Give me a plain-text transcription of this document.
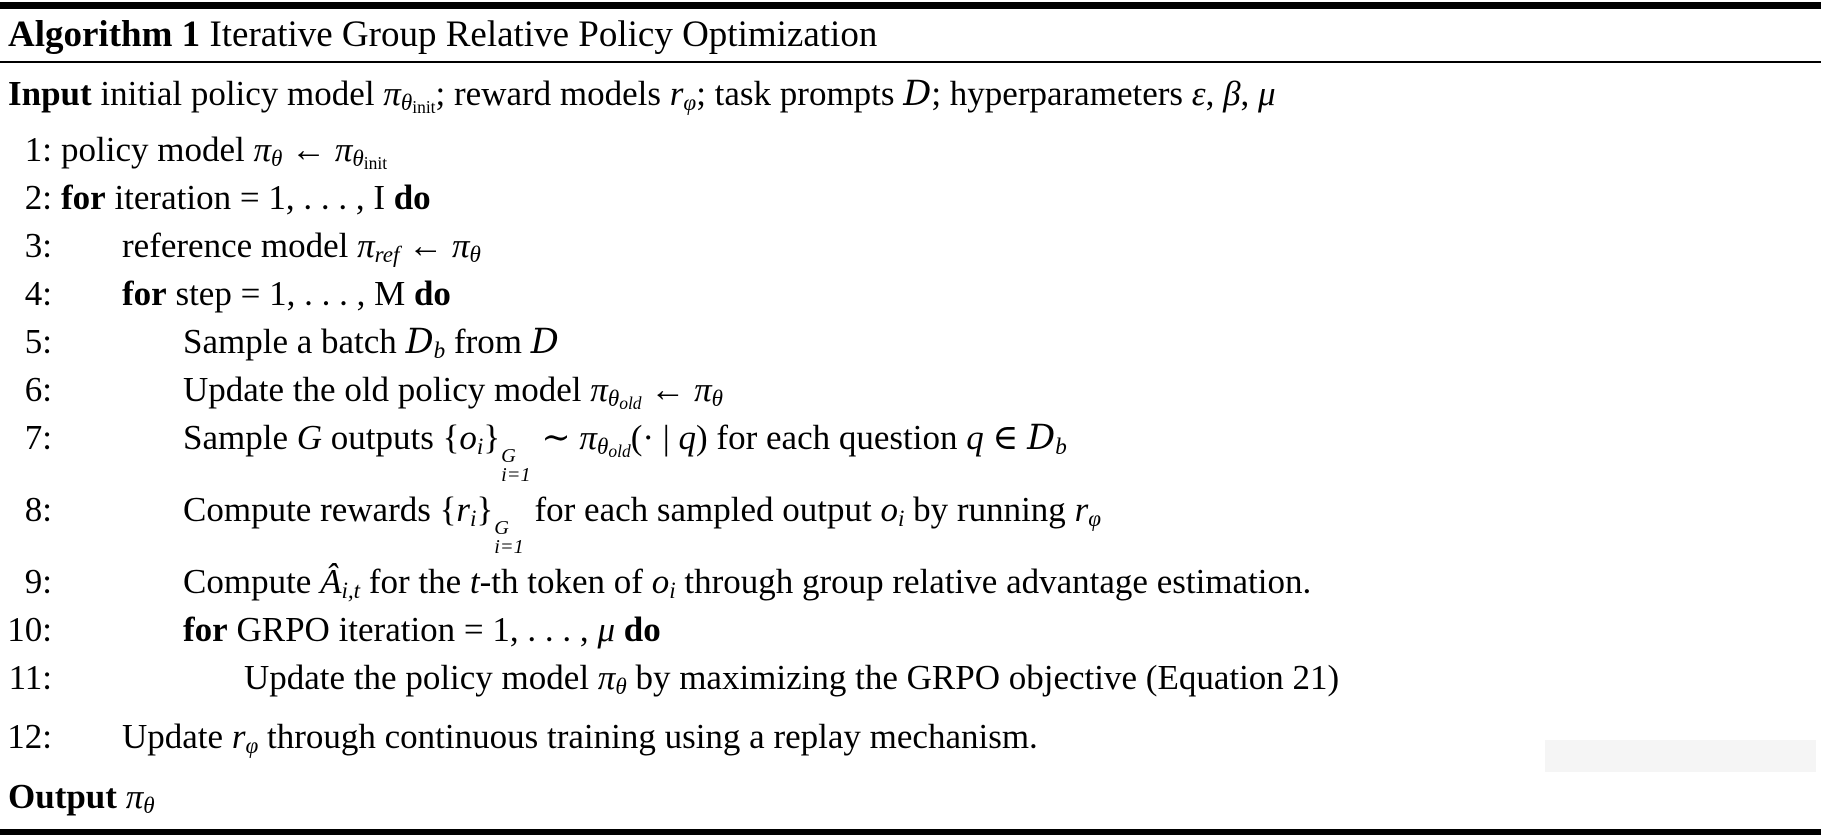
Algorithm 1 Iterative Group Relative Policy Optimization
Input initial policy model $\pi\theta_{init}$; reward models rφ; task prompts D; hyperparameters ε, β, μ
1: policy model πθ ← $\pi\theta_{init}$
2: for iteration = 1, . . . , I do
3: reference model πref ← πθ
4: for step = 1, . . . , M do
5:	Sample a batch Db from D
6:	Update the old policy model $\pi\theta_{old}$ ← πθ
7:	Sample G outputs {oi} G
i=1
∼ $\pi\theta_{old}(\cdot$ | q) for each question q ∈ Db
8:	Compute rewards {ri} G
i=1
for each sampled output oi by running rφ
9:	Compute Âi,t for the t-th token of oi through group relative advantage estimation.
10:	for GRPO iteration = 1, . . . , μ do
11:	Update the policy model πθ by maximizing the GRPO objective (Equation 21)
12: Update rφ through continuous training using a replay mechanism.
Output πθ
